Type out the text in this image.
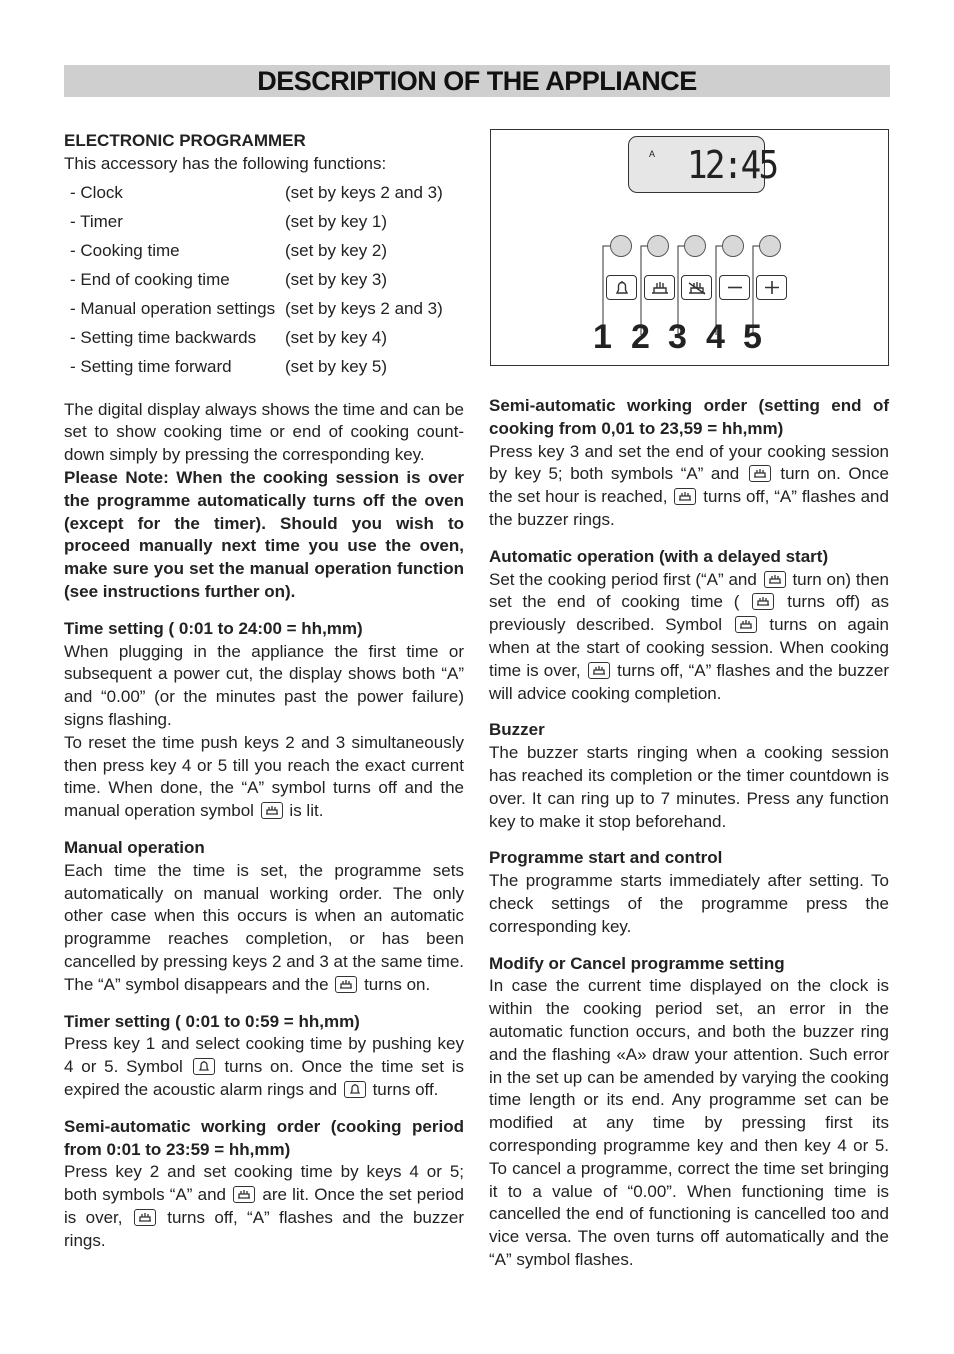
DESCRIPTION OF THE APPLIANCE

ELECTRONIC PROGRAMMER

This accessory has the following functions:

- Clock	(set by keys 2 and 3)
- Timer	(set by key 1)
- Cooking time	(set by key 2)
- End of cooking time	(set by key 3)
- Manual operation settings	(set by keys 2 and 3)
- Setting time backwards	(set by key 4)
- Setting time forward	(set by key 5)

The digital display always shows the time and can be set to show cooking time or end of cooking count-down simply by pressing the corresponding key.

Please Note: When the cooking session is over the programme automatically turns off the oven (except for the timer). Should you wish to proceed manually next time you use the oven, make sure you set the manual operation function (see instructions further on).

Time setting ( 0:01 to 24:00 = hh,mm)

When plugging in the appliance the first time or subsequent a power cut, the display shows both “A” and “0.00” (or the minutes past the power failure) signs flashing.

To reset the time push keys 2 and 3 simultaneously then press key 4 or 5 till you reach the exact current time. When done, the “A” symbol turns off and the manual operation symbol is lit.

Manual operation

Each time the time is set, the programme sets automatically on manual working order. The only other case when this occurs is when an automatic programme reaches completion, or has been cancelled by pressing keys 2 and 3 at the same time. The “A” symbol disappears and the turns on.

Timer setting ( 0:01 to 0:59 = hh,mm)

Press key 1 and select cooking time by pushing key 4 or 5. Symbol turns on. Once the time set is expired the acoustic alarm rings and turns off.

Semi-automatic working order (cooking period from 0:01 to 23:59 = hh,mm)

Press key 2 and set cooking time by keys 4 or 5; both symbols “A” and are lit. Once the set period is over,	turns off, “A” flashes and the buzzer rings.

A 12:45
1 2 3 4 5

Semi-automatic working order (setting end of cooking from 0,01 to 23,59 = hh,mm)

Press key 3 and set the end of your cooking session by key 5; both symbols “A” and turn on. Once the set hour is reached, turns off, “A” flashes and the buzzer rings.

Automatic operation (with a delayed start)

Set the cooking period first (“A” and turn on) then set the end of cooking time (	turns off) as previously described. Symbol	turns on again when at the start of cooking session. When cooking time is over, turns off, “A” flashes and the buzzer will advice cooking completion.

Buzzer

The buzzer starts ringing when a cooking session has reached its completion or the timer countdown is over. It can ring up to 7 minutes. Press any function key to make it stop beforehand.

Programme start and control

The programme starts immediately after setting. To check settings of the programme press the corresponding key.

Modify or Cancel programme setting

In case the current time displayed on the clock is within the cooking period set, an error in the automatic function occurs, and both the buzzer ring and the flashing «A» draw your attention. Such error in the set up can be amended by varying the cooking time length or its end. Any programme set can be modified at any time by pressing first its corresponding programme key and then key 4 or 5. To cancel a programme, correct the time set bringing it to a value of “0.00”. When functioning time is cancelled the end of functioning is cancelled too and vice versa. The oven turns off automatically and the “A” symbol flashes.
